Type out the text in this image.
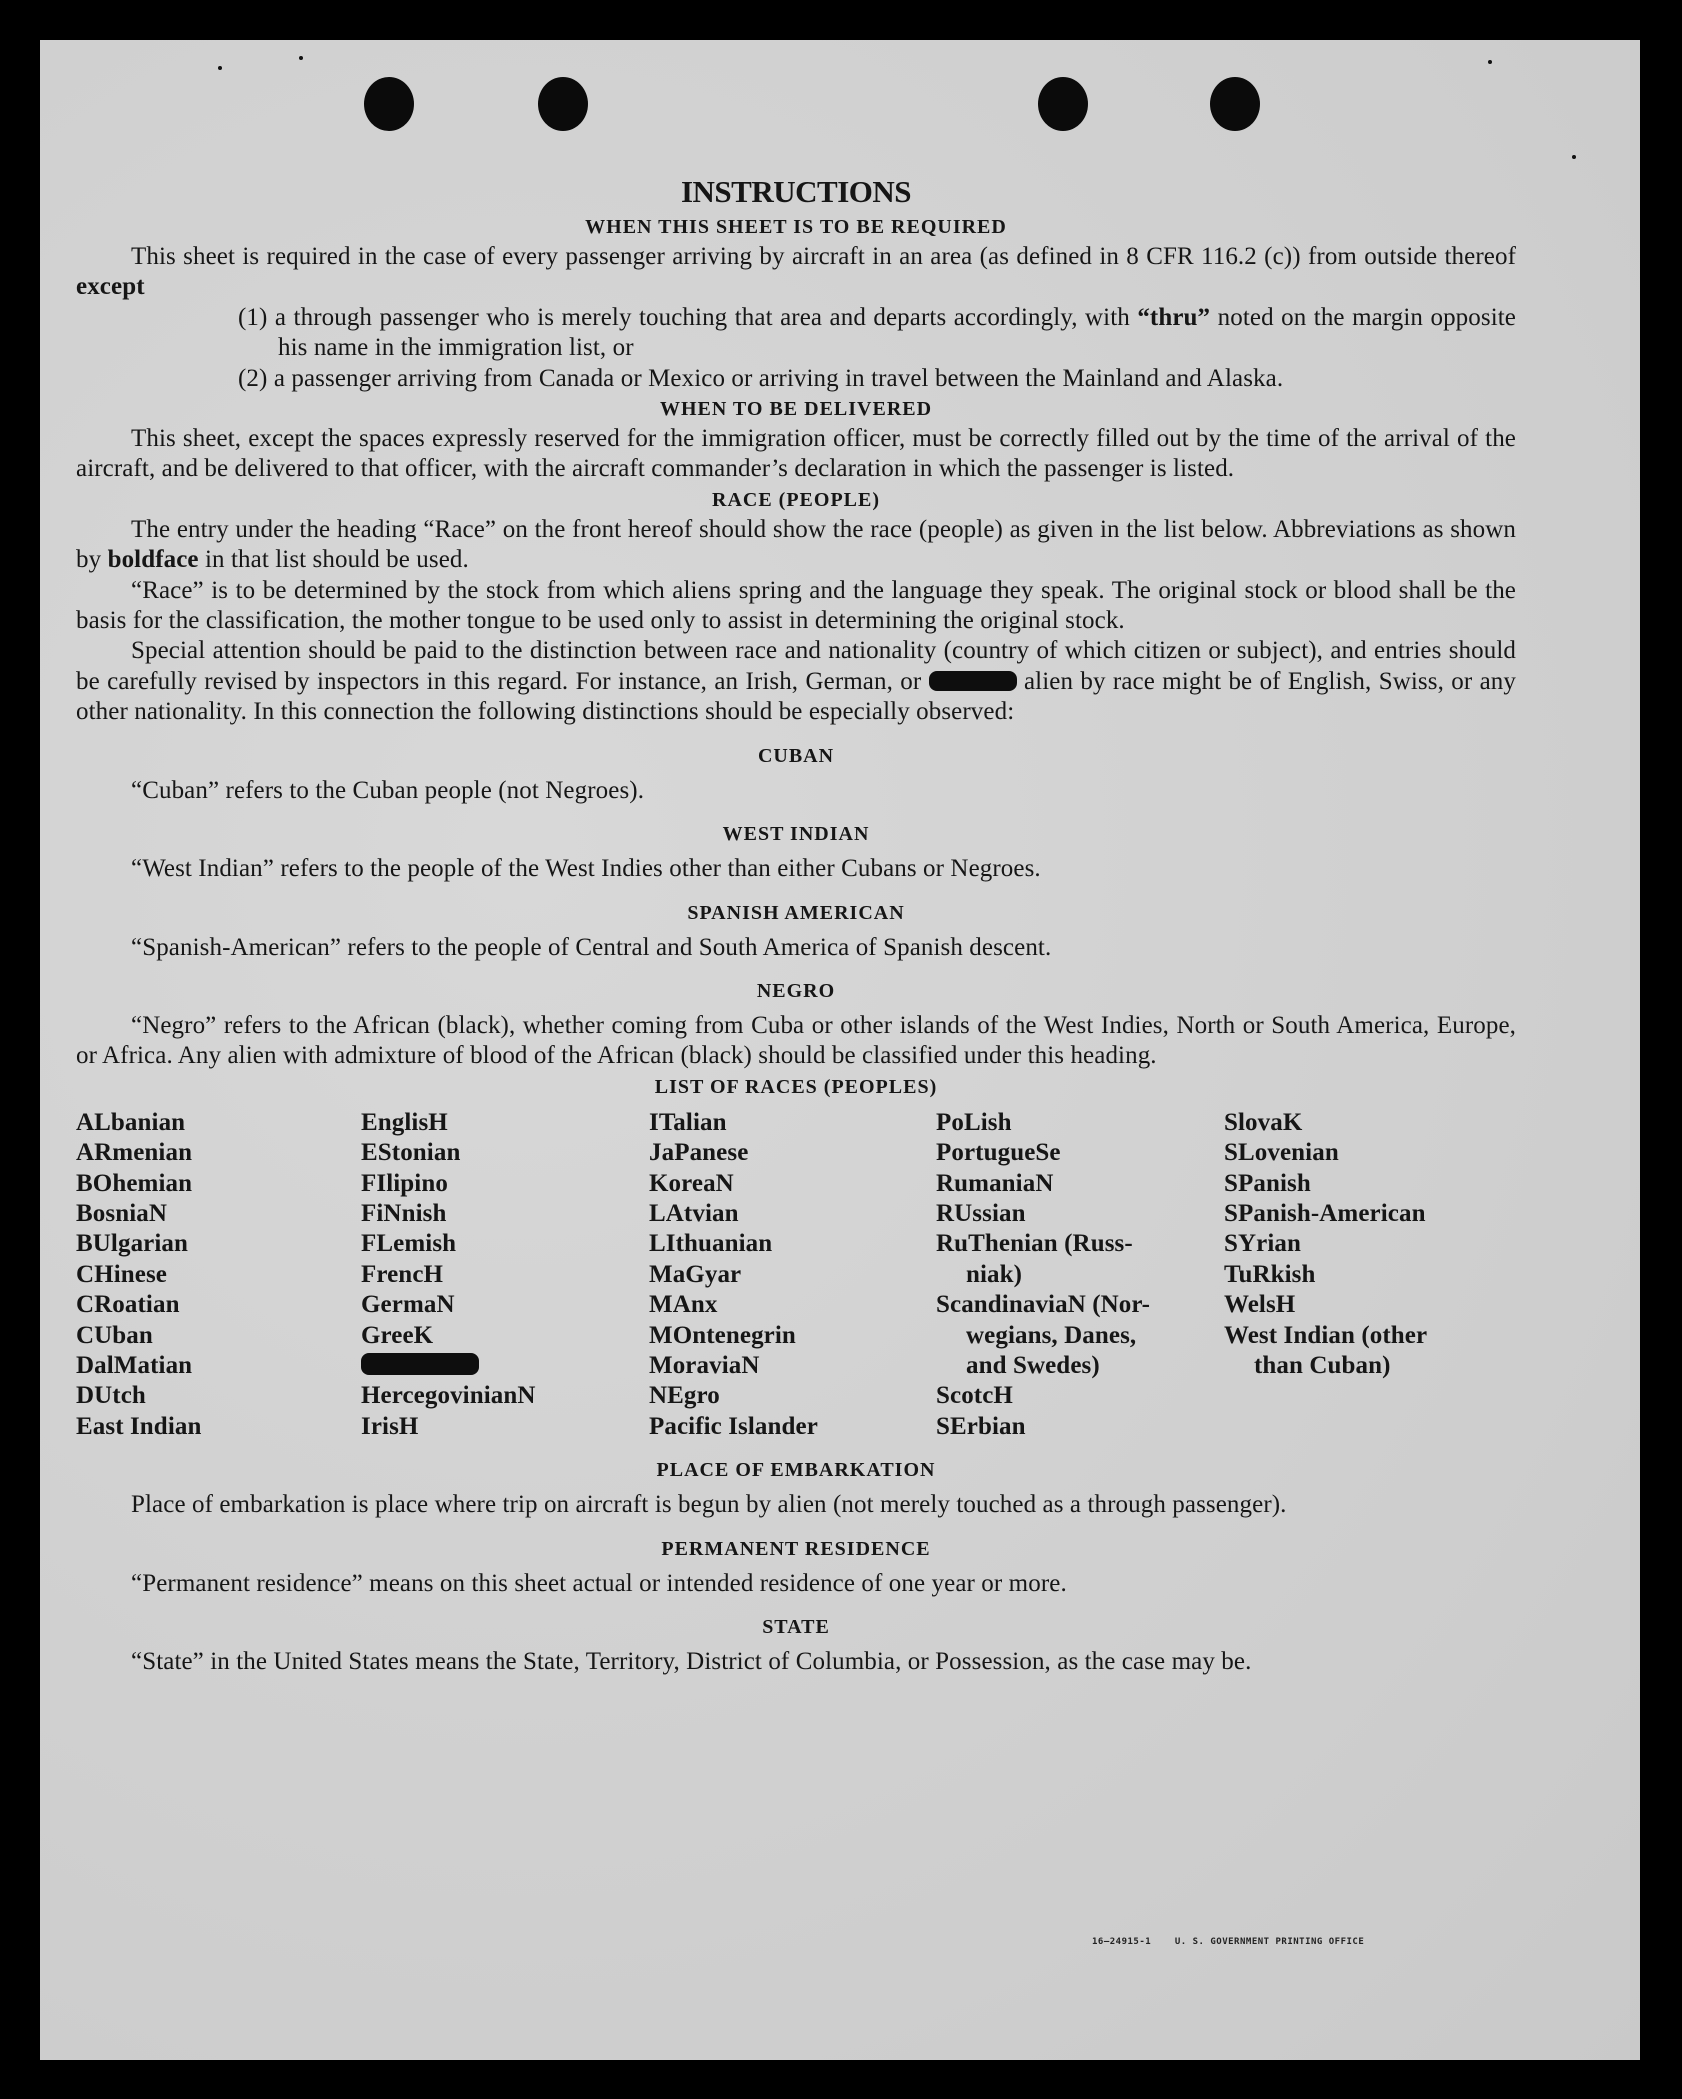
INSTRUCTIONS
WHEN THIS SHEET IS TO BE REQUIRED

This sheet is required in the case of every passenger arriving by aircraft in an area (as defined in 8 CFR 116.2 (c)) from outside thereof except

(1) a through passenger who is merely touching that area and departs accordingly, with “thru” noted on the margin opposite his name in the immigration list, or

(2) a passenger arriving from Canada or Mexico or arriving in travel between the Mainland and Alaska.

WHEN TO BE DELIVERED

This sheet, except the spaces expressly reserved for the immigration officer, must be correctly filled out by the time of the arrival of the aircraft, and be delivered to that officer, with the aircraft commander’s declaration in which the passenger is listed.

RACE (PEOPLE)

The entry under the heading “Race” on the front hereof should show the race (people) as given in the list below. Abbreviations as shown by boldface in that list should be used.

“Race” is to be determined by the stock from which aliens spring and the language they speak. The original stock or blood shall be the basis for the classification, the mother tongue to be used only to assist in determining the original stock.

Special attention should be paid to the distinction between race and nationality (country of which citizen or subject), and entries should be carefully revised by inspectors in this regard. For instance, an Irish, German, or	alien by race might be of English, Swiss, or any other nationality. In this connection the following distinctions should be especially observed:

CUBAN

“Cuban” refers to the Cuban people (not Negroes).

WEST INDIAN

“West Indian” refers to the people of the West Indies other than either Cubans or Negroes.

SPANISH AMERICAN

“Spanish-American” refers to the people of Central and South America of Spanish descent.

NEGRO

“Negro” refers to the African (black), whether coming from Cuba or other islands of the West Indies, North or South America, Europe, or Africa. Any alien with admixture of blood of the African (black) should be classified under this heading.

LIST OF RACES (PEOPLES)
ALbanian
ARmenian
BOhemian
BosniaN
BUlgarian
CHinese
CRoatian
CUban
DalMatian
DUtch
East Indian
EnglisH
EStonian
FIlipino
FiNnish
FLemish
FrencH
GermaN
GreeK
HercegovinianN
IrisH
ITalian
JaPanese
KoreaN
LAtvian
LIthuanian
MaGyar
MAnx
MOntenegrin
MoraviaN
NEgro
Pacific Islander
PoLish
PortugueSe
RumaniaN
RUssian
RuThenian (Russ-
niak)
ScandinaviaN (Nor-
wegians, Danes,
and Swedes)
ScotcH
SErbian
SlovaK
SLovenian
SPanish
SPanish-American
SYrian
TuRkish
WelsH
West Indian (other
than Cuban)
PLACE OF EMBARKATION

Place of embarkation is place where trip on aircraft is begun by alien (not merely touched as a through passenger).

PERMANENT RESIDENCE

“Permanent residence” means on this sheet actual or intended residence of one year or more.

STATE

“State” in the United States means the State, Territory, District of Columbia, or Possession, as the case may be.

16—24915-1	U. S. GOVERNMENT PRINTING OFFICE
